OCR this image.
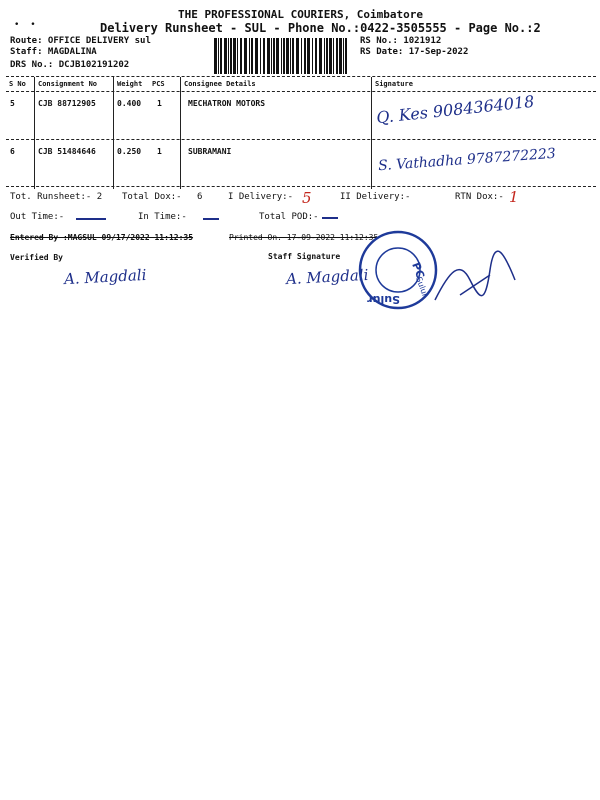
THE PROFESSIONAL COURIERS, Coimbatore
Delivery Runsheet - SUL - Phone No.:0422-3505555 - Page No.:2
•  •
Route: OFFICE DELIVERY sul
Staff: MAGDALINA
DRS No.: DCJB102191202
RS No.: 1021912
RS Date: 17-Sep-2022
S No Consignment No	Weight PCS	Consignee Details	Signature
5	CJB 88712905	0.400 1	MECHATRON MOTORS	Q. Kes 9084364018
6	CJB 51484646	0.250 1	SUBRAMANI	S. Vathadha 9787272223
Tot. Runsheet:- 2 Total Dox:- 6	I Delivery:- 5	II Delivery:-	RTN Dox:- 1
Out Time:-	In Time:-	Total POD:-
Entered By :MAGSUL 09/17/2022 11:12:35	Printed On. 17-09-2022 11:12:35
Verified By	Staff Signature
A. Magdali	A. Magdali	PC
Sulur
Sulur
